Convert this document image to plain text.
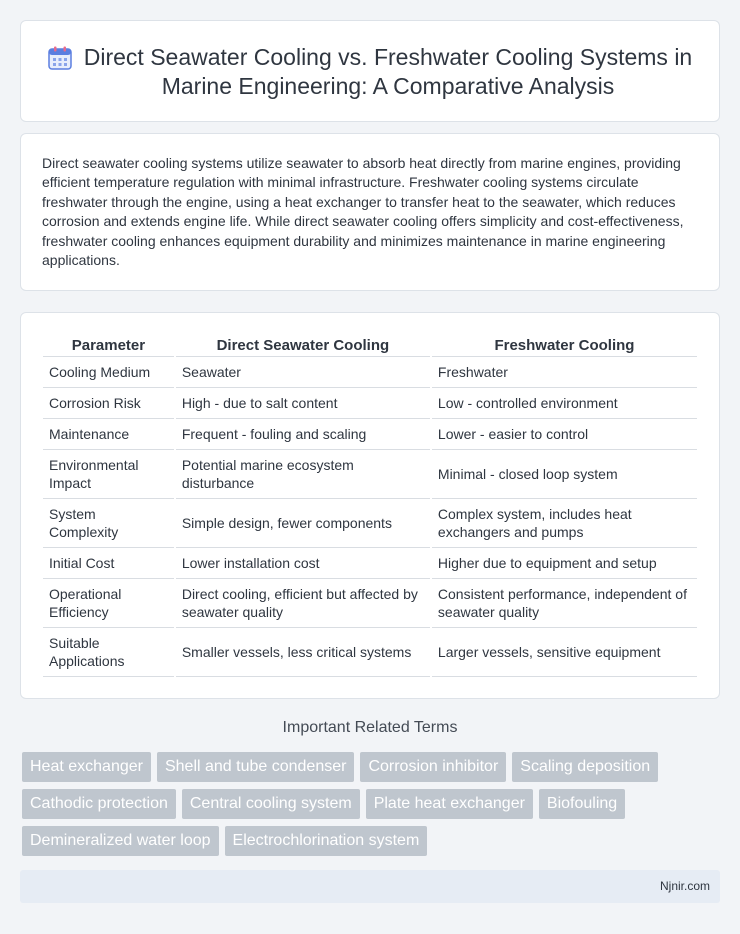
Direct Seawater Cooling vs. Freshwater Cooling Systems in Marine Engineering: A Comparative Analysis

Direct seawater cooling systems utilize seawater to absorb heat directly from marine engines, providing efficient temperature regulation with minimal infrastructure. Freshwater cooling systems circulate freshwater through the engine, using a heat exchanger to transfer heat to the seawater, which reduces corrosion and extends engine life. While direct seawater cooling offers simplicity and cost-effectiveness, freshwater cooling enhances equipment durability and minimizes maintenance in marine engineering applications.

Parameter	Direct Seawater Cooling	Freshwater Cooling
Cooling Medium	Seawater	Freshwater
Corrosion Risk	High - due to salt content	Low - controlled environment
Maintenance	Frequent - fouling and scaling	Lower - easier to control
Environmental Impact	Potential marine ecosystem disturbance	Minimal - closed loop system
System Complexity	Simple design, fewer components	Complex system, includes heat exchangers and pumps
Initial Cost	Lower installation cost	Higher due to equipment and setup
Operational Efficiency	Direct cooling, efficient but affected by seawater quality	Consistent performance, independent of seawater quality
Suitable Applications	Smaller vessels, less critical systems	Larger vessels, sensitive equipment
Important Related Terms
Heat exchanger	Shell and tube condenser	Corrosion inhibitor	Scaling deposition
Cathodic protection	Central cooling system	Plate heat exchanger	Biofouling
Demineralized water loop	Electrochlorination system
Njnir.com
